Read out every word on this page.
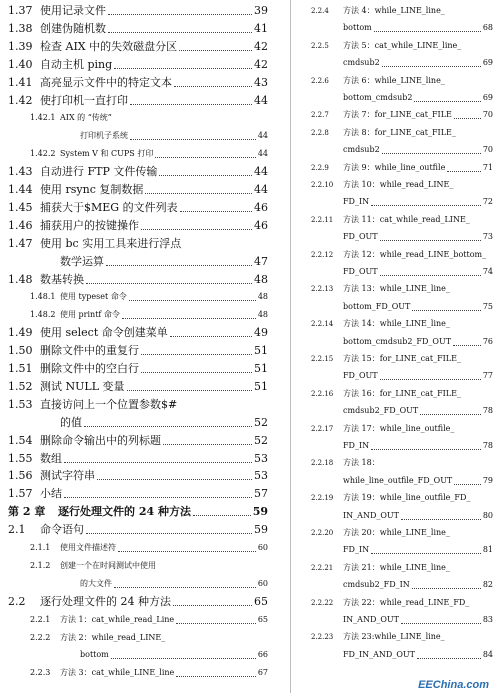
1.37 使用记录文件	39
1.38 创建伪随机数	41
1.39 检查 AIX 中的失效磁盘分区	42
1.40 自动主机 ping	42
1.41 高亮显示文件中的特定文本	43
1.42 使打印机一直打印	44
1.42.1 AIX 的 “传统”
打印机子系统	44
1.42.2 System V 和 CUPS 打印	44
1.43 自动进行 FTP 文件传输	44
1.44 使用 rsync 复制数据	44
1.45 捕获大于$MEG 的文件列表	46
1.46 捕获用户的按键操作	46
1.47 使用 bc 实用工具来进行浮点
数学运算	47
1.48 数基转换	48
1.48.1 使用 typeset 命令	48
1.48.2 使用 printf 命令	48
1.49 使用 select 命令创建菜单	49
1.50 删除文件中的重复行	51
1.51 删除文件中的空白行	51
1.52 测试 NULL 变量	51
1.53 直接访问上一个位置参数$#
的值	52
1.54 删除命令输出中的列标题	52
1.55 数组	53
1.56 测试字符串	53
1.57 小结	57
第 2 章 逐行处理文件的 24 种方法	59
2.1 命令语句	59
2.1.1 使用文件描述符	60
2.1.2 创建一个在时间测试中使用
的大文件	60
2.2 逐行处理文件的 24 种方法	65
2.2.1 方法 1：cat_while_read_Line	65
2.2.2 方法 2：while_read_LINE_
bottom	66
2.2.3 方法 3：cat_while_LINE_line	67
2.2.4 方法 4：while_LINE_line_
bottom	68
2.2.5 方法 5：cat_while_LINE_line_
cmdsub2	69
2.2.6 方法 6：while_LINE_line_
bottom_cmdsub2	69
2.2.7 方法 7：for_LINE_cat_FILE	70
2.2.8 方法 8：for_LINE_cat_FILE_
cmdsub2	70
2.2.9 方法 9：while_line_outfile	71
2.2.10 方法 10：while_read_LINE_
FD_IN	72
2.2.11 方法 11：cat_while_read_LINE_
FD_OUT	73
2.2.12 方法 12：while_read_LINE_bottom_
FD_OUT	74
2.2.13 方法 13：while_LINE_line_
bottom_FD_OUT	75
2.2.14 方法 14：while_LINE_line_
bottom_cmdsub2_FD_OUT	76
2.2.15 方法 15：for_LINE_cat_FILE_
FD_OUT	77
2.2.16 方法 16：for_LINE_cat_FILE_
cmdsub2_FD_OUT	78
2.2.17 方法 17：while_line_outfile_
FD_IN	78
2.2.18 方法 18：
while_line_outfile_FD_OUT	79
2.2.19 方法 19：while_line_outfile_FD_
IN_AND_OUT	80
2.2.20 方法 20：while_LINE_line_
FD_IN	81
2.2.21 方法 21：while_LINE_line_
cmdsub2_FD_IN	82
2.2.22 方法 22：while_read_LINE_FD_
IN_AND_OUT	83
2.2.23 方法 23:while_LINE_line_
FD_IN_AND_OUT	84
EEChina.com
